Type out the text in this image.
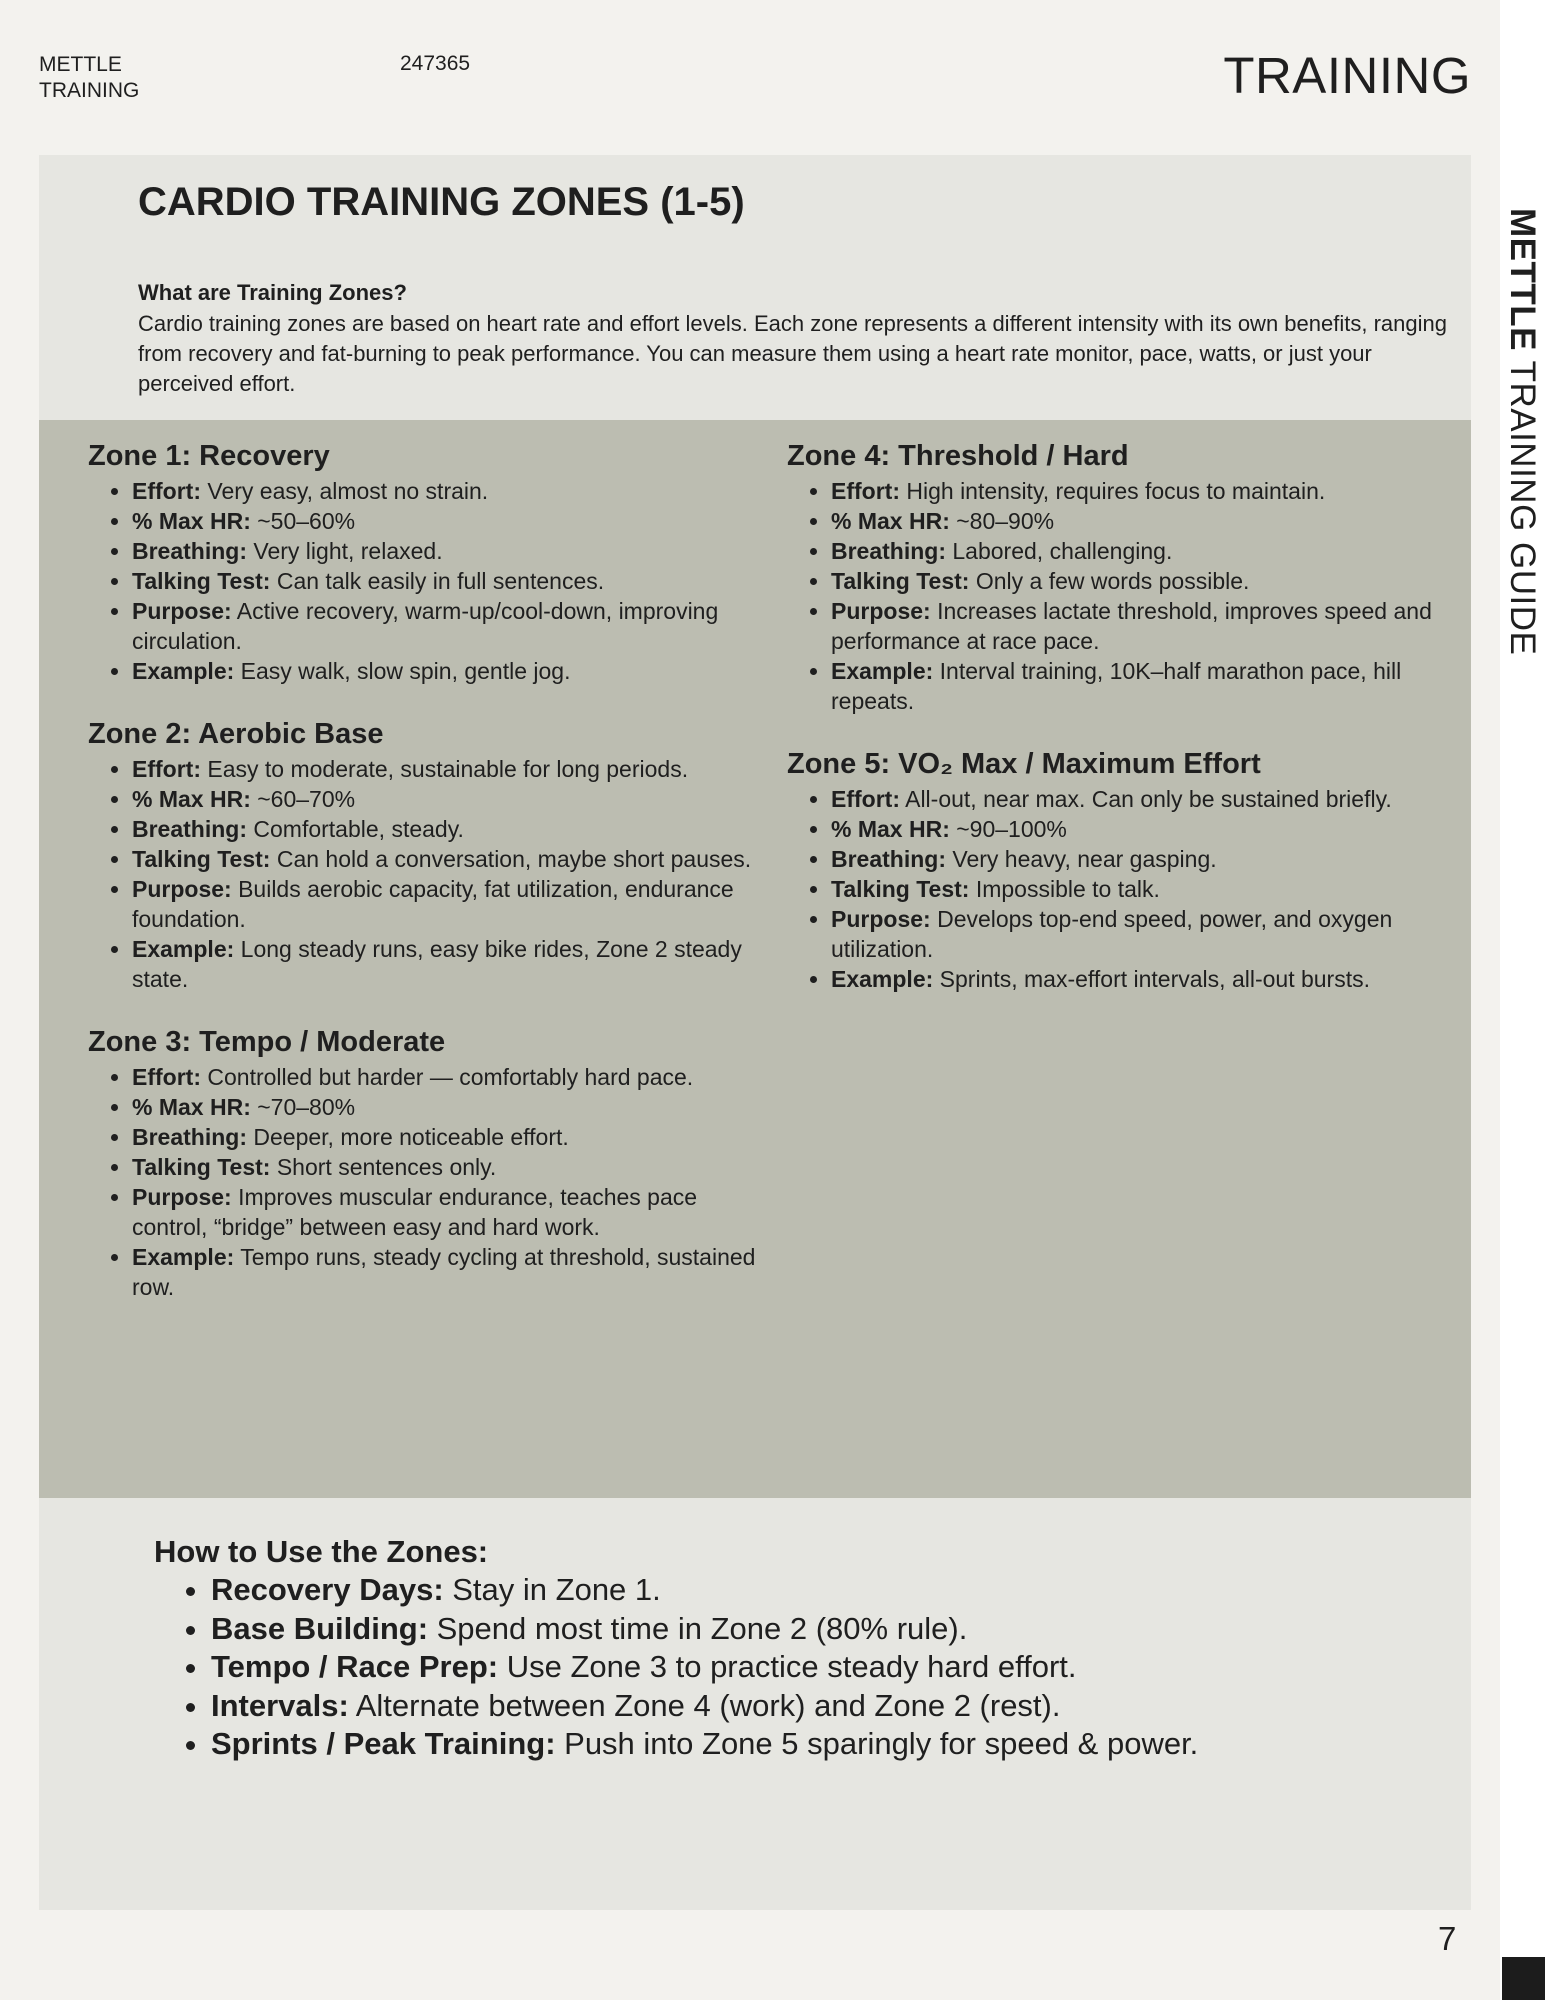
METTLE
TRAINING
247365	TRAINING
METTLE TRAINING GUIDE
CARDIO TRAINING ZONES (1-5)
What are Training Zones?

Cardio training zones are based on heart rate and effort levels. Each zone represents a different intensity with its own benefits, ranging from recovery and fat-burning to peak performance. You can measure them using a heart rate monitor, pace, watts, or just your perceived effort.

Zone 1: Recovery
• Effort: Very easy, almost no strain.
• % Max HR: ~50–60%
• Breathing: Very light, relaxed.
• Talking Test: Can talk easily in full sentences.
• Purpose: Active recovery, warm-up/cool-down, improving circulation.
• Example: Easy walk, slow spin, gentle jog.
Zone 2: Aerobic Base
• Effort: Easy to moderate, sustainable for long periods.
• % Max HR: ~60–70%
• Breathing: Comfortable, steady.
• Talking Test: Can hold a conversation, maybe short pauses.
• Purpose: Builds aerobic capacity, fat utilization, endurance foundation.
• Example: Long steady runs, easy bike rides, Zone 2 steady state.
Zone 3: Tempo / Moderate
• Effort: Controlled but harder — comfortably hard pace.
• % Max HR: ~70–80%
• Breathing: Deeper, more noticeable effort.
• Talking Test: Short sentences only.
• Purpose: Improves muscular endurance, teaches pace control, “bridge” between easy and hard work.
• Example: Tempo runs, steady cycling at threshold, sustained row.
Zone 4: Threshold / Hard
• Effort: High intensity, requires focus to maintain.
• % Max HR: ~80–90%
• Breathing: Labored, challenging.
• Talking Test: Only a few words possible.
• Purpose: Increases lactate threshold, improves speed and performance at race pace.
• Example: Interval training, 10K–half marathon pace, hill repeats.
Zone 5: VO₂ Max / Maximum Effort
• Effort: All-out, near max. Can only be sustained briefly.
• % Max HR: ~90–100%
• Breathing: Very heavy, near gasping.
• Talking Test: Impossible to talk.
• Purpose: Develops top-end speed, power, and oxygen utilization.
• Example: Sprints, max-effort intervals, all-out bursts.
How to Use the Zones:
• Recovery Days: Stay in Zone 1.
• Base Building: Spend most time in Zone 2 (80% rule).
• Tempo / Race Prep: Use Zone 3 to practice steady hard effort.
• Intervals: Alternate between Zone 4 (work) and Zone 2 (rest).
• Sprints / Peak Training: Push into Zone 5 sparingly for speed & power.
7
